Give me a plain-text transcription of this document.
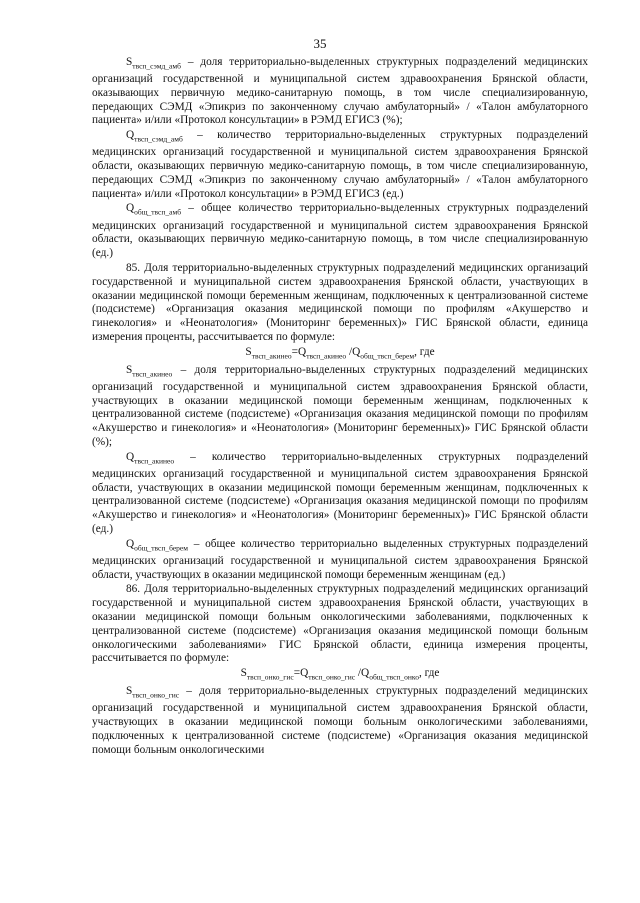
35

$S_{твсп\_сэмд\_амб}$ – доля территориально-выделенных структурных подразделений медицинских организаций государственной и муниципальной систем здравоохранения Брянской области, оказывающих первичную медико-санитарную помощь, в том числе специализированную, передающих СЭМД «Эпикриз по законченному случаю амбулаторный» / «Талон амбулаторного пациента» и/или «Протокол консультации» в РЭМД ЕГИСЗ (%);

$Q_{твсп\_сэмд\_амб}$ – количество территориально-выделенных структурных подразделений медицинских организаций государственной и муниципальной систем здравоохранения Брянской области, оказывающих первичную медико-санитарную помощь, в том числе специализированную, передающих СЭМД «Эпикриз по законченному случаю амбулаторный» / «Талон амбулаторного пациента» и/или «Протокол консультации» в РЭМД ЕГИСЗ (ед.)

$Q_{общ\_твсп\_амб}$ – общее количество территориально-выделенных структурных подразделений медицинских организаций государственной и муниципальной систем здравоохранения Брянской области, оказывающих первичную медико-санитарную помощь, в том числе специализированную (ед.)

85. Доля территориально-выделенных структурных подразделений медицинских организаций государственной и муниципальной систем здравоохранения Брянской области, участвующих в оказании медицинской помощи беременным женщинам, подключенных к централизованной системе (подсистеме) «Организация оказания медицинской помощи по профилям «Акушерство и гинекология» и «Неонатология» (Мониторинг беременных)» ГИС Брянской области, единица измерения проценты, рассчитывается по формуле:

$S_{твсп\_акинео}=Q_{твсп\_акинео}$ $/Q_{общ\_твсп\_берем}$, где

$S_{твсп\_акинео}$ – доля территориально-выделенных структурных подразделений медицинских организаций государственной и муниципальной систем здравоохранения Брянской области, участвующих в оказании медицинской помощи беременным женщинам, подключенных к централизованной системе (подсистеме) «Организация оказания медицинской помощи по профилям «Акушерство и гинекология» и «Неонатология» (Мониторинг беременных)» ГИС Брянской области (%);

$Q_{твсп\_акинео}$ – количество территориально-выделенных структурных подразделений медицинских организаций государственной и муниципальной систем здравоохранения Брянской области, участвующих в оказании медицинской помощи беременным женщинам, подключенных к централизованной системе (подсистеме) «Организация оказания медицинской помощи по профилям «Акушерство и гинекология» и «Неонатология» (Мониторинг беременных)» ГИС Брянской области (ед.)

$Q_{общ\_твсп\_берем}$ – общее количество территориально выделенных структурных подразделений медицинских организаций государственной и муниципальной систем здравоохранения Брянской области, участвующих в оказании медицинской помощи беременным женщинам (ед.)

86. Доля территориально-выделенных структурных подразделений медицинских организаций государственной и муниципальной систем здравоохранения Брянской области, участвующих в оказании медицинской помощи больным онкологическими заболеваниями, подключенных к централизованной системе (подсистеме) «Организация оказания медицинской помощи больным онкологическими заболеваниями» ГИС Брянской области, единица измерения проценты, рассчитывается по формуле:

$S_{твсп\_онко\_гис}=Q_{твсп\_онко\_гис}$ $/Q_{общ\_твсп\_онко}$, где

$S_{твсп\_онко\_гис}$ – доля территориально-выделенных структурных подразделений медицинских организаций государственной и муниципальной систем здравоохранения Брянской области, участвующих в оказании медицинской помощи больным онкологическими заболеваниями, подключенных к централизованной системе (подсистеме) «Организация оказания медицинской помощи больным онкологическими
